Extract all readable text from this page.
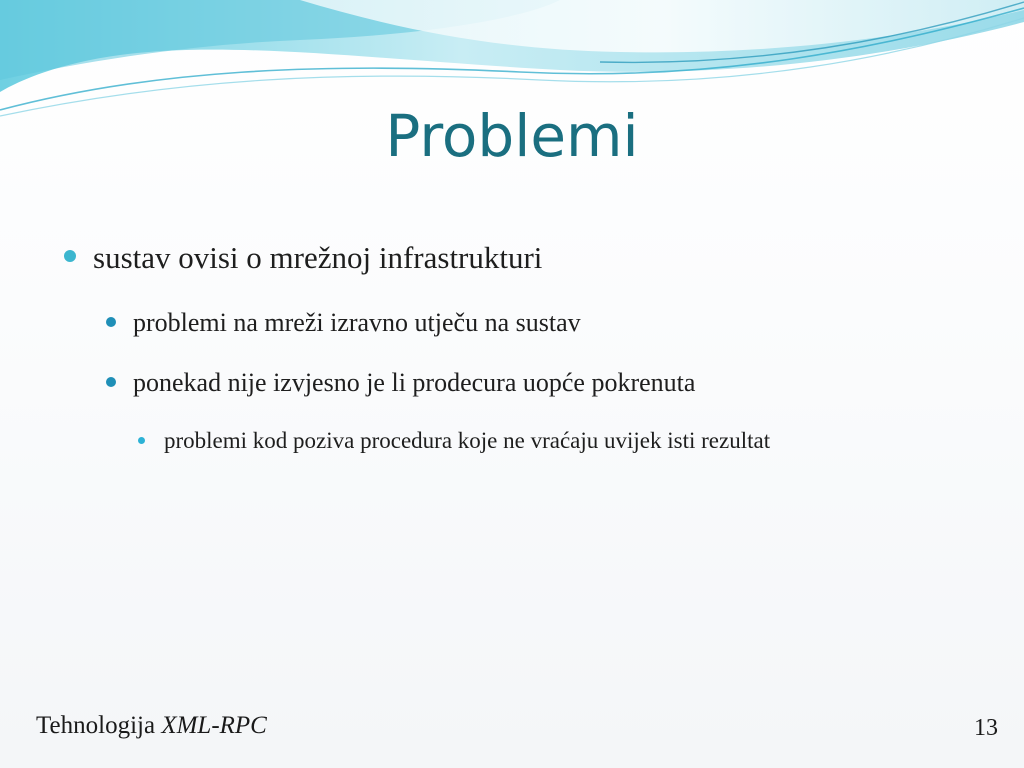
Problemi
sustav ovisi o mrežnoj infrastrukturi
problemi na mreži izravno utječu na sustav
ponekad nije izvjesno je li prodecura uopće pokrenuta
problemi kod poziva procedura koje ne vraćaju uvijek isti rezultat
Tehnologija XML-RPC	13
